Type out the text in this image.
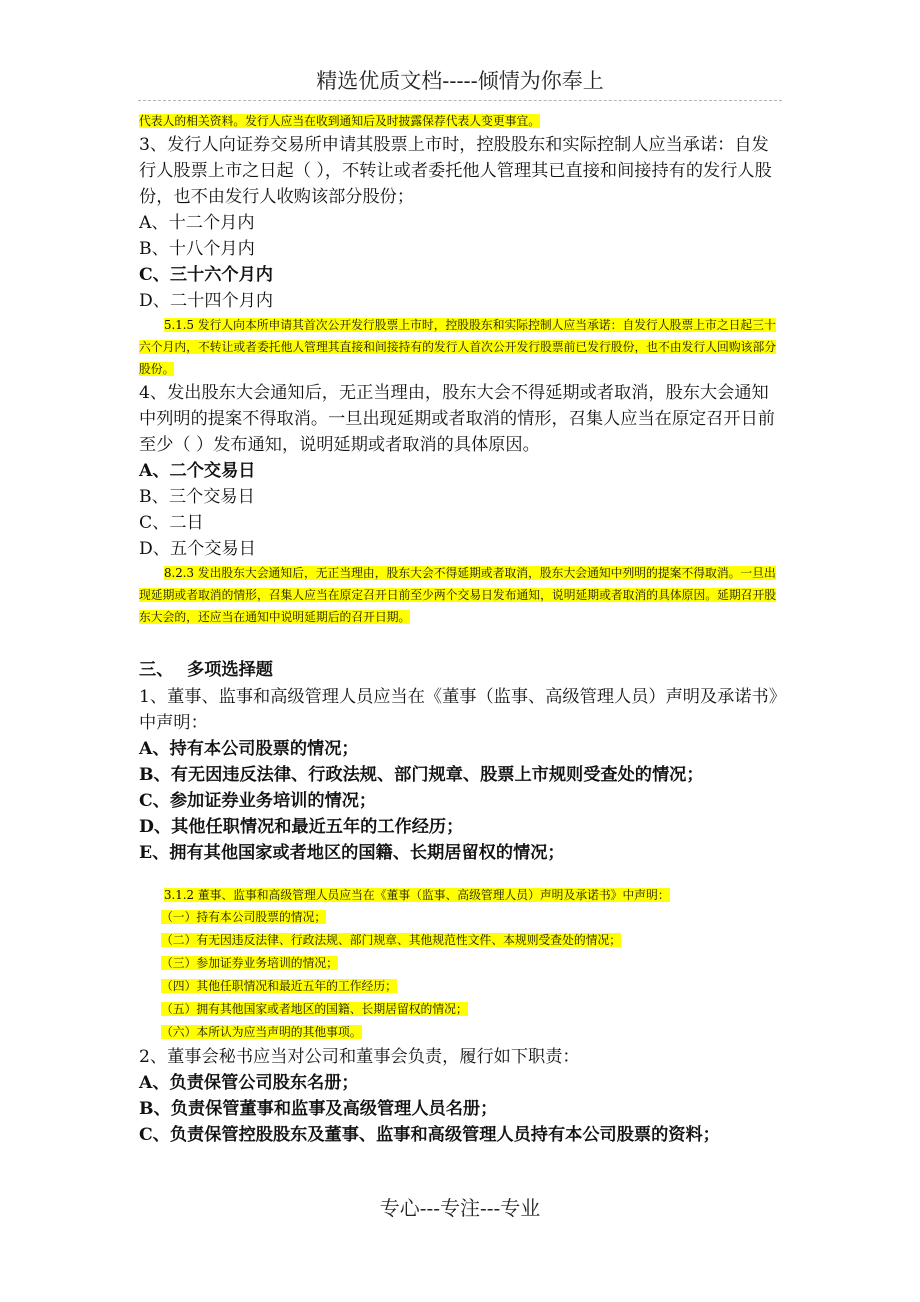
精选优质文档-----倾情为你奉上

代表人的相关资料。发行人应当在收到通知后及时披露保荐代表人变更事宜。

3、发行人向证券交易所申请其股票上市时，控股股东和实际控制人应当承诺：自发行人股票上市之日起（ ），不转让或者委托他人管理其已直接和间接持有的发行人股份，也不由发行人收购该部分股份；

A、十二个月内
B、十八个月内
C、三十六个月内
D、二十四个月内

5.1.5 发行人向本所申请其首次公开发行股票上市时，控股股东和实际控制人应当承诺：自发行人股票上市之日起三十六个月内，不转让或者委托他人管理其直接和间接持有的发行人首次公开发行股票前已发行股份，也不由发行人回购该部分股份。

4、发出股东大会通知后，无正当理由，股东大会不得延期或者取消，股东大会通知中列明的提案不得取消。一旦出现延期或者取消的情形，召集人应当在原定召开日前至少（ ）发布通知，说明延期或者取消的具体原因。

A、二个交易日
B、三个交易日
C、二日
D、五个交易日

8.2.3 发出股东大会通知后，无正当理由，股东大会不得延期或者取消，股东大会通知中列明的提案不得取消。一旦出现延期或者取消的情形，召集人应当在原定召开日前至少两个交易日发布通知，说明延期或者取消的具体原因。延期召开股东大会的，还应当在通知中说明延期后的召开日期。

三、 多项选择题

1、董事、监事和高级管理人员应当在《董事（监事、高级管理人员）声明及承诺书》中声明：

A、持有本公司股票的情况；
B、有无因违反法律、行政法规、部门规章、股票上市规则受查处的情况；
C、参加证券业务培训的情况；
D、其他任职情况和最近五年的工作经历；
E、拥有其他国家或者地区的国籍、长期居留权的情况；

3.1.2 董事、监事和高级管理人员应当在《董事（监事、高级管理人员）声明及承诺书》中声明：

（一）持有本公司股票的情况；
（二）有无因违反法律、行政法规、部门规章、其他规范性文件、本规则受查处的情况；
（三）参加证券业务培训的情况；
（四）其他任职情况和最近五年的工作经历；
（五）拥有其他国家或者地区的国籍、长期居留权的情况；
（六）本所认为应当声明的其他事项。

2、董事会秘书应当对公司和董事会负责，履行如下职责：

A、负责保管公司股东名册；
B、负责保管董事和监事及高级管理人员名册；
C、负责保管控股股东及董事、监事和高级管理人员持有本公司股票的资料；
专心---专注---专业
